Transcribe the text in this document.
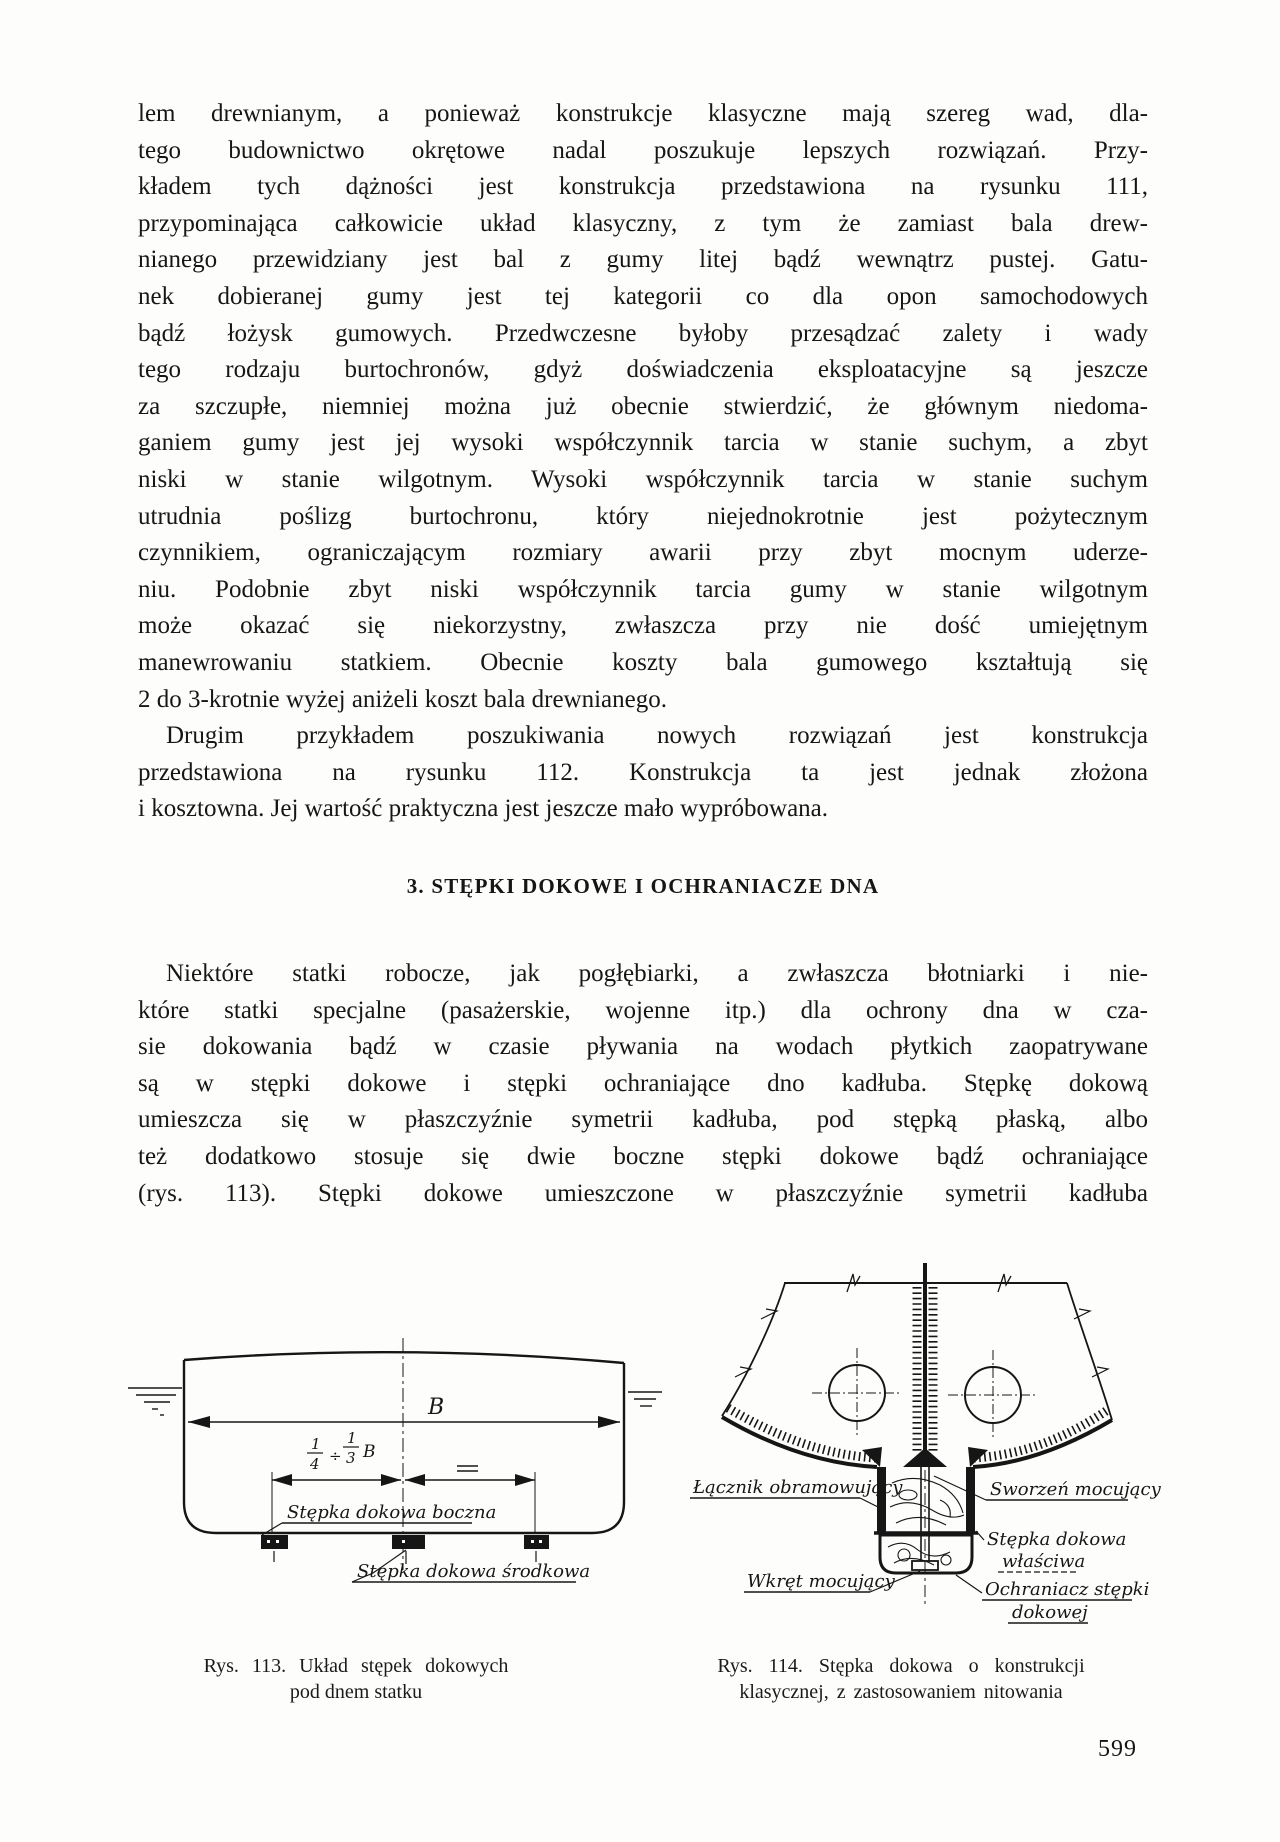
lem drewnianym, a ponieważ konstrukcje klasyczne mają szereg wad, dla-
tego budownictwo okrętowe nadal poszukuje lepszych rozwiązań. Przy-
kładem tych dążności jest konstrukcja przedstawiona na rysunku 111,
przypominająca całkowicie układ klasyczny, z tym że zamiast bala drew-
nianego przewidziany jest bal z gumy litej bądź wewnątrz pustej. Gatu-
nek dobieranej gumy jest tej kategorii co dla opon samochodowych
bądź łożysk gumowych. Przedwczesne byłoby przesądzać zalety i wady
tego rodzaju burtochronów, gdyż doświadczenia eksploatacyjne są jeszcze
za szczupłe, niemniej można już obecnie stwierdzić, że głównym niedoma-
ganiem gumy jest jej wysoki współczynnik tarcia w stanie suchym, a zbyt
niski w stanie wilgotnym. Wysoki współczynnik tarcia w stanie suchym
utrudnia poślizg burtochronu, który niejednokrotnie jest pożytecznym
czynnikiem, ograniczającym rozmiary awarii przy zbyt mocnym uderze-
niu. Podobnie zbyt niski współczynnik tarcia gumy w stanie wilgotnym
może okazać się niekorzystny, zwłaszcza przy nie dość umiejętnym
manewrowaniu statkiem. Obecnie koszty bala gumowego kształtują się
2 do 3-krotnie wyżej aniżeli koszt bala drewnianego.
Drugim przykładem poszukiwania nowych rozwiązań jest konstrukcja
przedstawiona na rysunku 112. Konstrukcja ta jest jednak złożona
i kosztowna. Jej wartość praktyczna jest jeszcze mało wypróbowana.
3. STĘPKI DOKOWE I OCHRANIACZE DNA
Niektóre statki robocze, jak pogłębiarki, a zwłaszcza błotniarki i nie-
które statki specjalne (pasażerskie, wojenne itp.) dla ochrony dna w cza-
sie dokowania bądź w czasie pływania na wodach płytkich zaopatrywane
są w stępki dokowe i stępki ochraniające dno kadłuba. Stępkę dokową
umieszcza się w płaszczyźnie symetrii kadłuba, pod stępką płaską, albo
też dodatkowo stosuje się dwie boczne stępki dokowe bądź ochraniające
(rys. 113). Stępki dokowe umieszczone w płaszczyźnie symetrii kadłuba
B
1
4 ÷
1
3 B
Stępka dokowa boczna
Stępka dokowa środkowa
Łącznik obramowujący	Sworzeń mocujący
Stępka dokowa
właściwa
Wkręt mocujący	Ochraniacz stępki
dokowej
Rys. 113. Układ stępek dokowych
pod dnem statku
Rys. 114. Stępka dokowa o konstrukcji
klasycznej, z zastosowaniem nitowania
599
